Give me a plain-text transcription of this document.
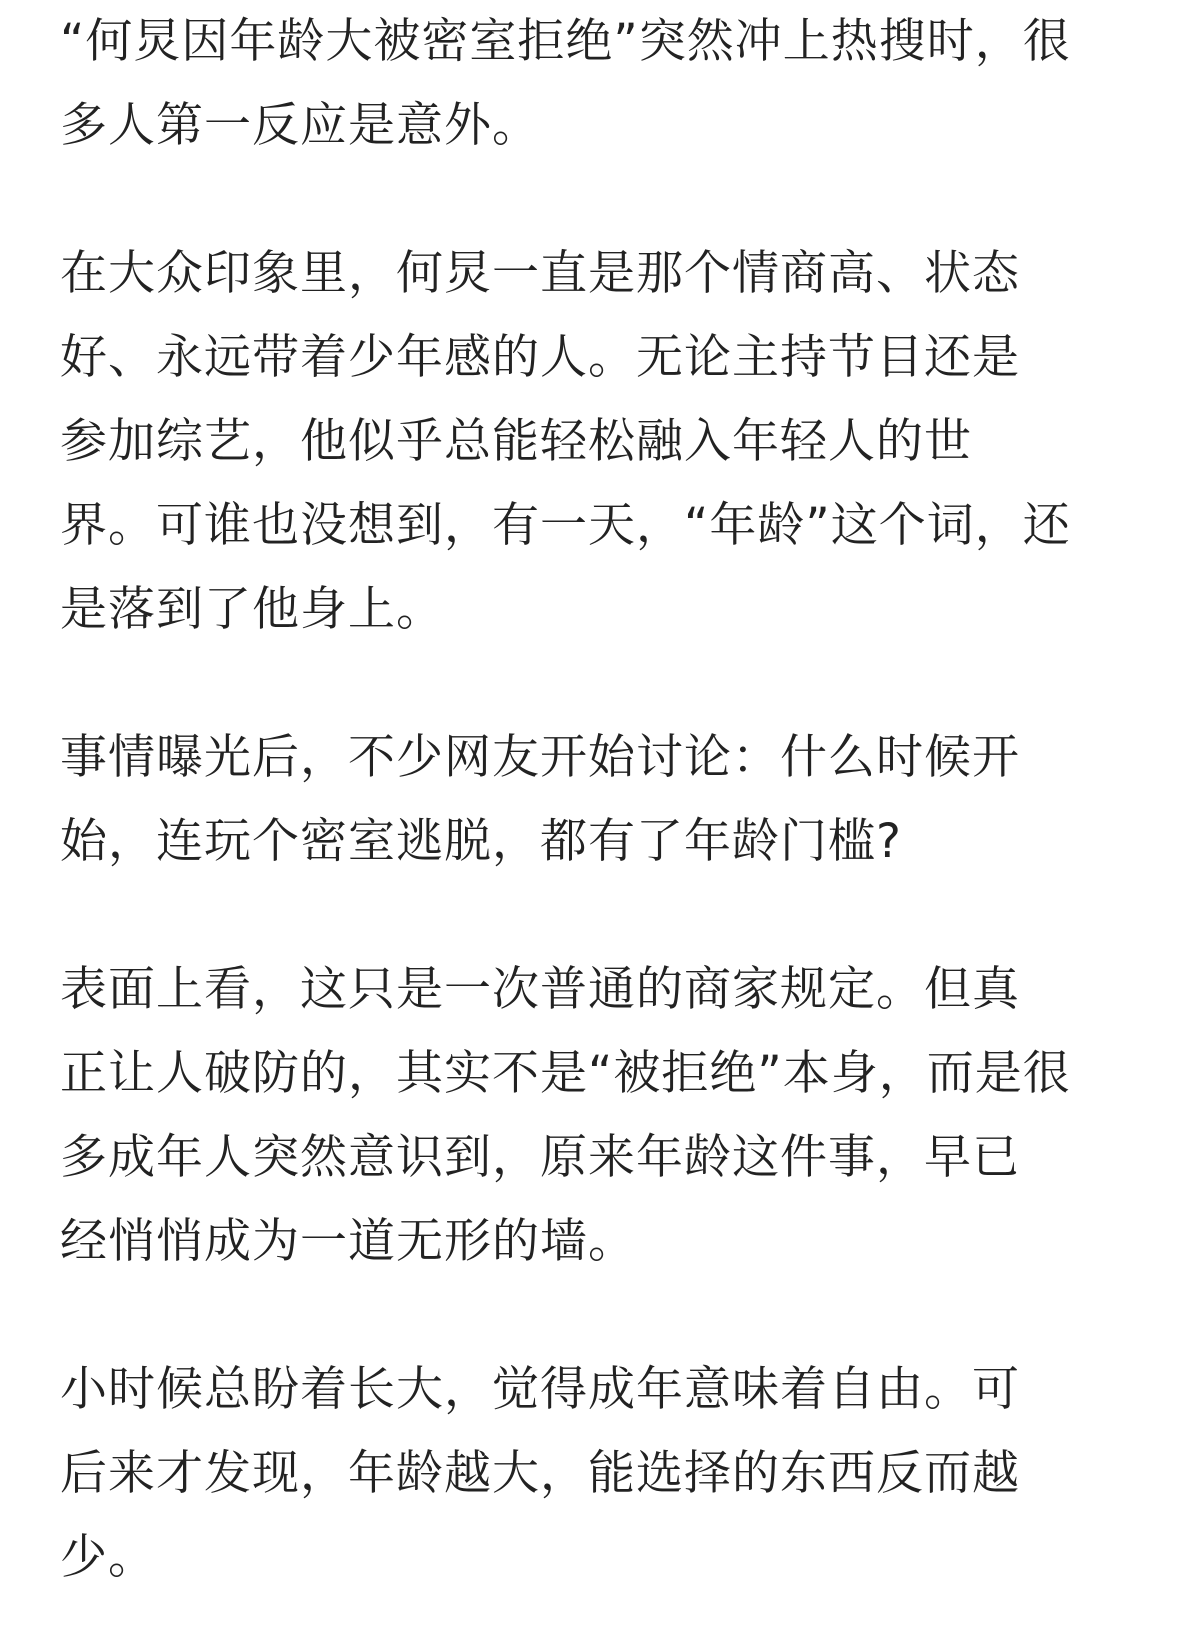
“何炅因年龄大被密室拒绝”突然冲上热搜时，很
多人第一反应是意外。

在大众印象里，何炅一直是那个情商高、状态
好、永远带着少年感的人。无论主持节目还是
参加综艺，他似乎总能轻松融入年轻人的世
界。可谁也没想到，有一天，“年龄”这个词，还
是落到了他身上。

事情曝光后，不少网友开始讨论：什么时候开
始，连玩个密室逃脱，都有了年龄门槛?

表面上看，这只是一次普通的商家规定。但真
正让人破防的，其实不是“被拒绝”本身，而是很
多成年人突然意识到，原来年龄这件事，早已
经悄悄成为一道无形的墙。

小时候总盼着长大，觉得成年意味着自由。可
后来才发现，年龄越大，能选择的东西反而越
少。
